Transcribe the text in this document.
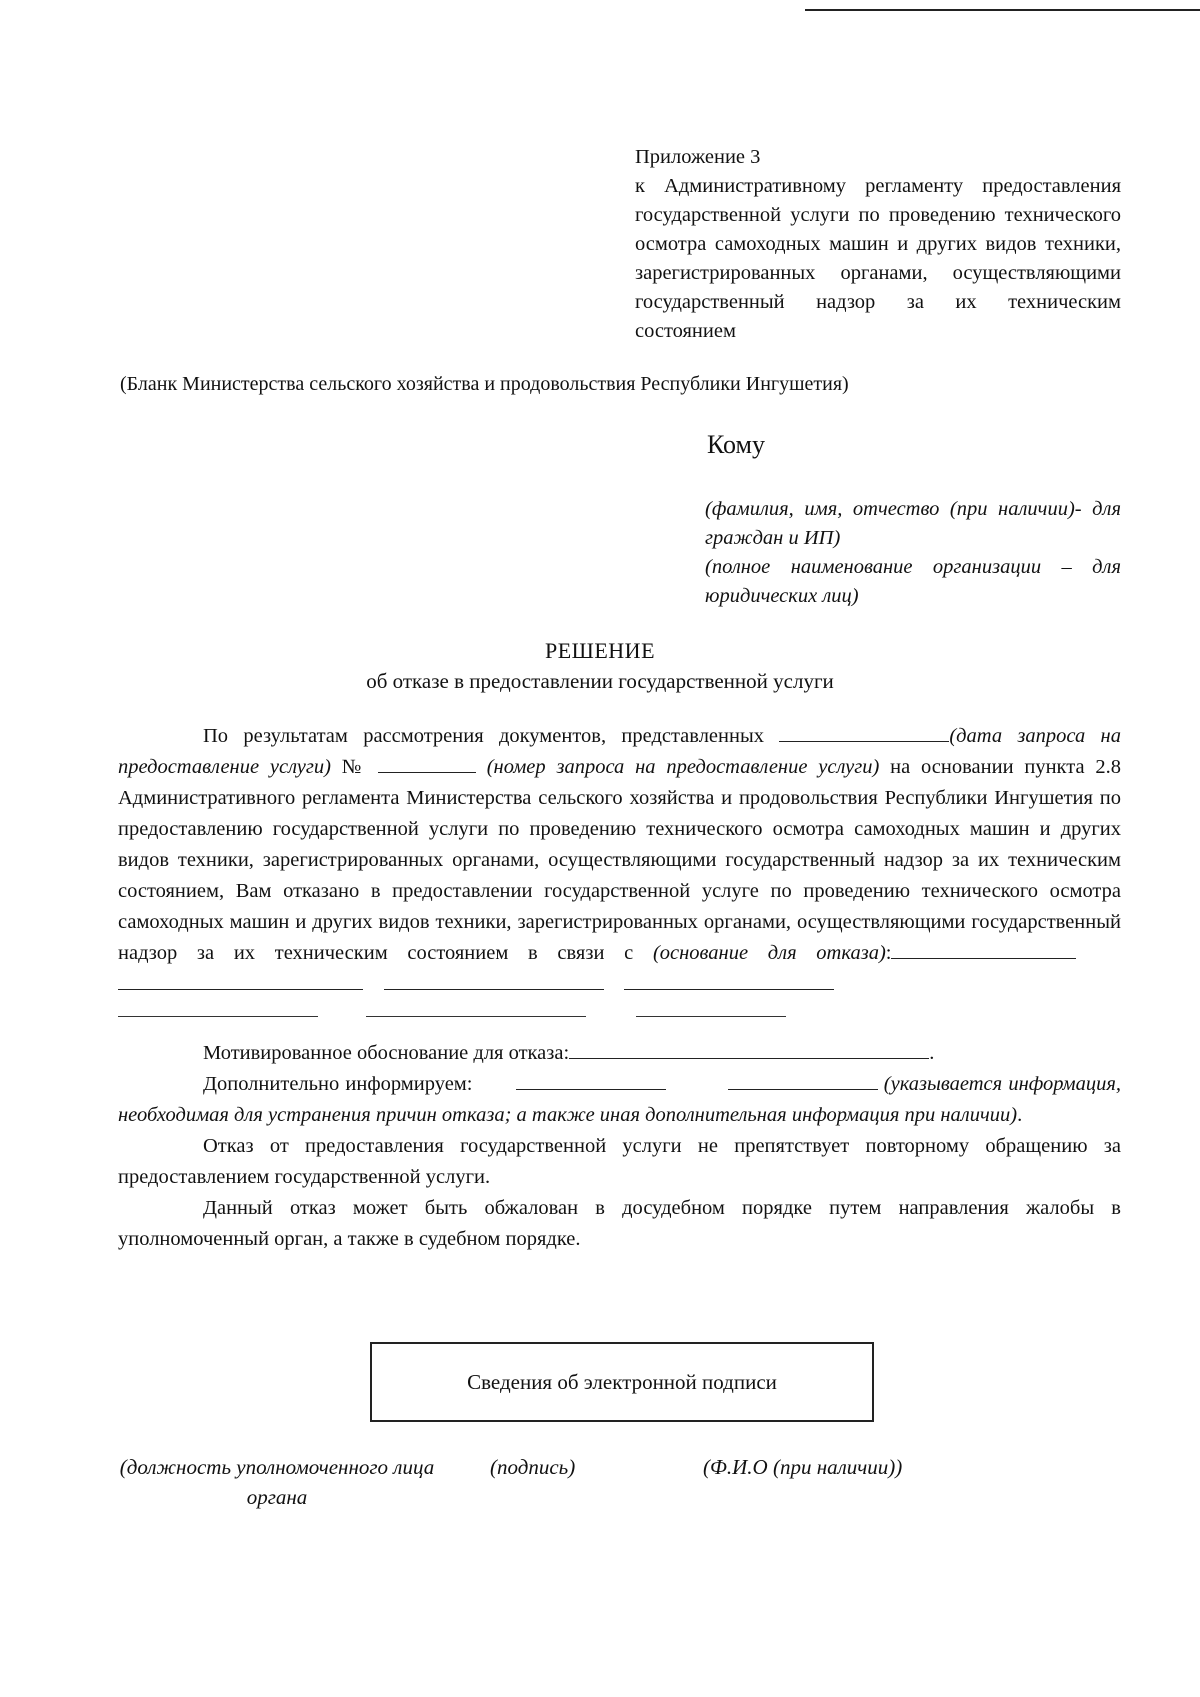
Приложение 3
к Административному регламенту предоставления государственной услуги по проведению технического осмотра самоходных машин и других видов техники, зарегистрированных органами, осуществляющими государственный надзор за их техническим состоянием
(Бланк Министерства сельского хозяйства и продовольствия Республики Ингушетия)
Кому

(фамилия, имя, отчество (при наличии)- для граждан и ИП)

(полное наименование организации – для юридических лиц)

РЕШЕНИЕ
об отказе в предоставлении государственной услуги

По результатам рассмотрения документов, представленных	(дата запроса на предоставление услуги) №	(номер запроса на предоставление услуги) на основании пункта 2.8 Административного регламента Министерства сельского хозяйства и продовольствия Республики Ингушетия по предоставлению государственной услуги по проведению технического осмотра самоходных машин и других видов техники, зарегистрированных органами, осуществляющими государственный надзор за их техническим состоянием, Вам отказано в предоставлении государственной услуге по проведению технического осмотра самоходных машин и других видов техники, зарегистрированных органами, осуществляющими государственный надзор за их техническим состоянием в связи с (основание для отказа):

Мотивированное обоснование для отказа:	.

Дополнительно информируем:	(указывается информация, необходимая для устранения причин отказа; а также иная дополнительная информация при наличии).

Отказ от предоставления государственной услуги не препятствует повторному обращению за предоставлением государственной услуги.

Данный отказ может быть обжалован в досудебном порядке путем направления жалобы в уполномоченный орган, а также в судебном порядке.

Сведения об электронной подписи
(должность уполномоченного лица органа
(подпись)	(Ф.И.О (при наличии))
